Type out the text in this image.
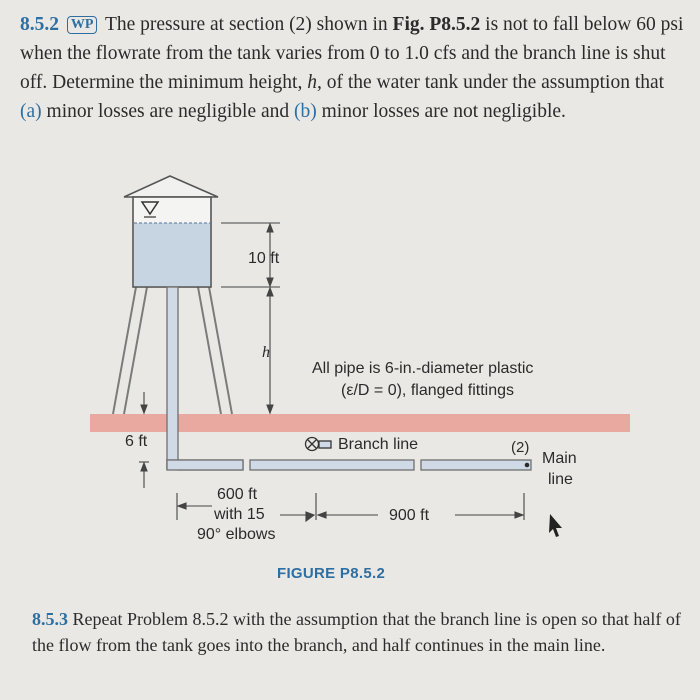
8.5.2 WP The pressure at section (2) shown in Fig. P8.5.2 is not to fall below 60 psi when the flowrate from the tank varies from 0 to 1.0 cfs and the branch line is shut off. Determine the minimum height, h, of the water tank under the assumption that (a) minor losses are negligible and (b) minor losses are not negligible.
10 ft
h
All pipe is 6-in.-diameter plastic
(ε/D = 0), flanged fittings
6 ft	Branch line	(2)
Main
line
600 ft
with 15
90° elbows
900 ft
FIGURE P8.5.2
8.5.3 Repeat Problem 8.5.2 with the assumption that the branch line is open so that half of the flow from the tank goes into the branch, and half continues in the main line.
